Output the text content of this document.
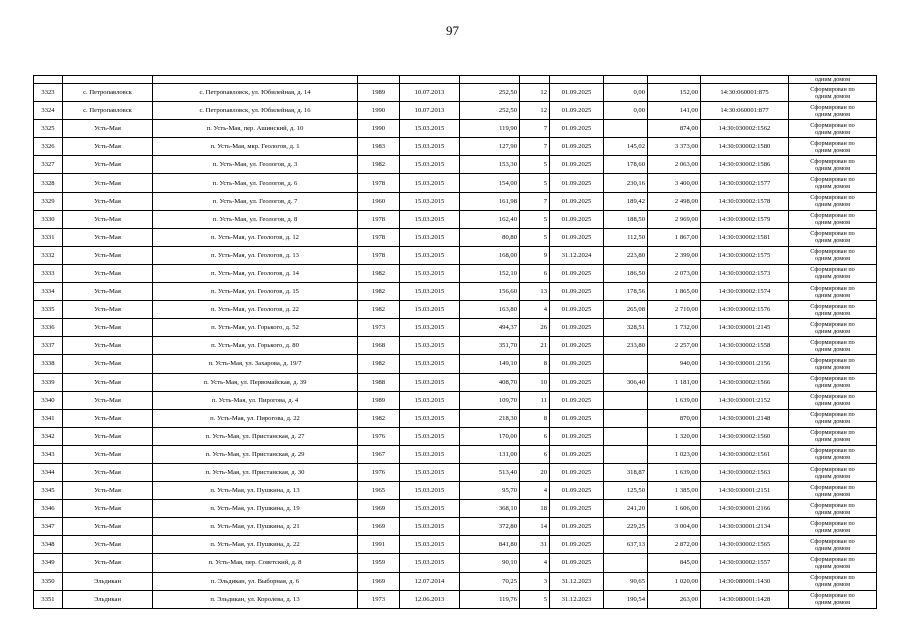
97
											одним домом
3323	с. Петропавловск	с. Петропавловск, ул. Юбилейная, д. 14	1989	10.07.2013	252,50	12	01.09.2025	0,00	152,00	14:30:060001:875	Сформирован по
одним домом

3324	с. Петропавловск	с. Петропавловск, ул. Юбилейная, д. 16	1990	10.07.2013	252,50	12	01.09.2025	0,00	141,00	14:30:060001:877	Сформирован по
одним домом

3325	Усть-Мая	п. Усть-Мая, пер. Ашинский, д. 10	1990	15.03.2015	119,90	7	01.09.2025		874,00	14:30:030002:1562	Сформирован по
одним домом

3326	Усть-Мая	п. Усть-Мая, мкр. Геологов, д. 1	1983	15.03.2015	127,90	7	01.09.2025	145,02	3 373,00	14:30:030002:1580	Сформирован по
одним домом

3327	Усть-Мая	п. Усть-Мая, ул. Геологов, д. 3	1982	15.03.2015	153,30	5	01.09.2025	178,60	2 063,00	14:30:030002:1586	Сформирован по
одним домом

3328	Усть-Мая	п. Усть-Мая, ул. Геологов, д. 6	1978	15.03.2015	154,00	5	01.09.2025	230,16	3 400,00	14:30:030002:1577	Сформирован по
одним домом

3329	Усть-Мая	п. Усть-Мая, ул. Геологов, д. 7	1960	15.03.2015	161,98	7	01.09.2025	189,42	2 498,00	14:30:030002:1578	Сформирован по
одним домом

3330	Усть-Мая	п. Усть-Мая, ул. Геологов, д. 8	1978	15.03.2015	162,40	5	01.09.2025	188,50	2 969,00	14:30:030002:1579	Сформирован по
одним домом

3331	Усть-Мая	п. Усть-Мая, ул. Геологов, д. 12	1978	15.03.2015	80,80	5	01.09.2025	112,50	1 867,00	14:30:030002:1581	Сформирован по
одним домом

3332	Усть-Мая	п. Усть-Мая, ул. Геологов, д. 13	1978	15.03.2015	168,00	9	31.12.2024	223,80	2 399,00	14:30:030002:1575	Сформирован по
одним домом

3333	Усть-Мая	п. Усть-Мая, ул. Геологов, д. 14	1982	15.03.2015	152,10	6	01.09.2025	186,50	2 073,00	14:30:030002:1573	Сформирован по
одним домом

3334	Усть-Мая	п. Усть-Мая, ул. Геологов, д. 15	1982	15.03.2015	156,60	13	01.09.2025	178,56	1 865,00	14:30:030002:1574	Сформирован по
одним домом

3335	Усть-Мая	п. Усть-Мая, ул. Геологов, д. 22	1982	15.03.2015	163,80	4	01.09.2025	265,08	2 710,00	14:30:030002:1576	Сформирован по
одним домом

3336	Усть-Мая	п. Усть-Мая, ул. Горького, д. 52	1973	15.03.2015	494,37	26	01.09.2025	328,51	1 732,00	14:30:030001:2145	Сформирован по
одним домом

3337	Усть-Мая	п. Усть-Мая, ул. Горького, д. 80	1968	15.03.2015	351,70	21	01.09.2025	233,80	2 257,00	14:30:030002:1558	Сформирован по
одним домом

3338	Усть-Мая	п. Усть-Мая, ул. Захарова, д. 19/7	1982	15.03.2015	149,10	8	01.09.2025		940,00	14:30:030001:2156	Сформирован по
одним домом

3339	Усть-Мая	п. Усть-Мая, ул. Первомайская, д. 39	1988	15.03.2015	408,70	10	01.09.2025	306,40	1 181,00	14:30:030002:1566	Сформирован по
одним домом

3340	Усть-Мая	п. Усть-Мая, ул. Пирогова, д. 4	1989	15.03.2015	109,70	11	01.09.2025		1 639,00	14:30:030001:2152	Сформирован по
одним домом

3341	Усть-Мая	п. Усть-Мая, ул. Пирогова, д. 22	1982	15.03.2015	218,30	8	01.09.2025		870,00	14:30:030001:2148	Сформирован по
одним домом

3342	Усть-Мая	п. Усть-Мая, ул. Пристанская, д. 27	1976	15.03.2015	170,00	6	01.09.2025		1 320,00	14:30:030002:1560	Сформирован по
одним домом

3343	Усть-Мая	п. Усть-Мая, ул. Пристанская, д. 29	1967	15.03.2015	131,00	6	01.09.2025		1 023,00	14:30:030002:1561	Сформирован по
одним домом

3344	Усть-Мая	п. Усть-Мая, ул. Пристанская, д. 30	1976	15.03.2015	513,40	20	01.09.2025	318,87	1 639,00	14:30:030002:1563	Сформирован по
одним домом

3345	Усть-Мая	п. Усть-Мая, ул. Пушкина, д. 13	1965	15.03.2015	95,70	4	01.09.2025	125,50	1 385,00	14:30:030001:2151	Сформирован по
одним домом

3346	Усть-Мая	п. Усть-Мая, ул. Пушкина, д. 19	1969	15.03.2015	368,10	18	01.09.2025	241,20	1 606,00	14:30:030001:2166	Сформирован по
одним домом

3347	Усть-Мая	п. Усть-Мая, ул. Пушкина, д. 21	1969	15.03.2015	372,80	14	01.09.2025	229,25	3 004,00	14:30:030001:2134	Сформирован по
одним домом

3348	Усть-Мая	п. Усть-Мая, ул. Пушкина, д. 22	1991	15.03.2015	841,80	31	01.09.2025	637,13	2 872,00	14:30:030002:1565	Сформирован по
одним домом

3349	Усть-Мая	п. Усть-Мая, пер. Советский, д. 8	1959	15.03.2015	90,10	4	01.09.2025		845,00	14:30:030002:1557	Сформирован по
одним домом

3350	Эльдикан	п. Эльдикан, ул. Выборная, д. 6	1969	12.07.2014	70,25	3	31.12.2023	90,65	1 020,00	14:30:080001:1430	Сформирован по
одним домом

3351	Эльдикан	п. Эльдикан, ул. Королева, д. 13	1973	12.06.2013	119,76	5	31.12.2023	190,54	263,00	14:30:080001:1428	Сформирован по
одним домом
